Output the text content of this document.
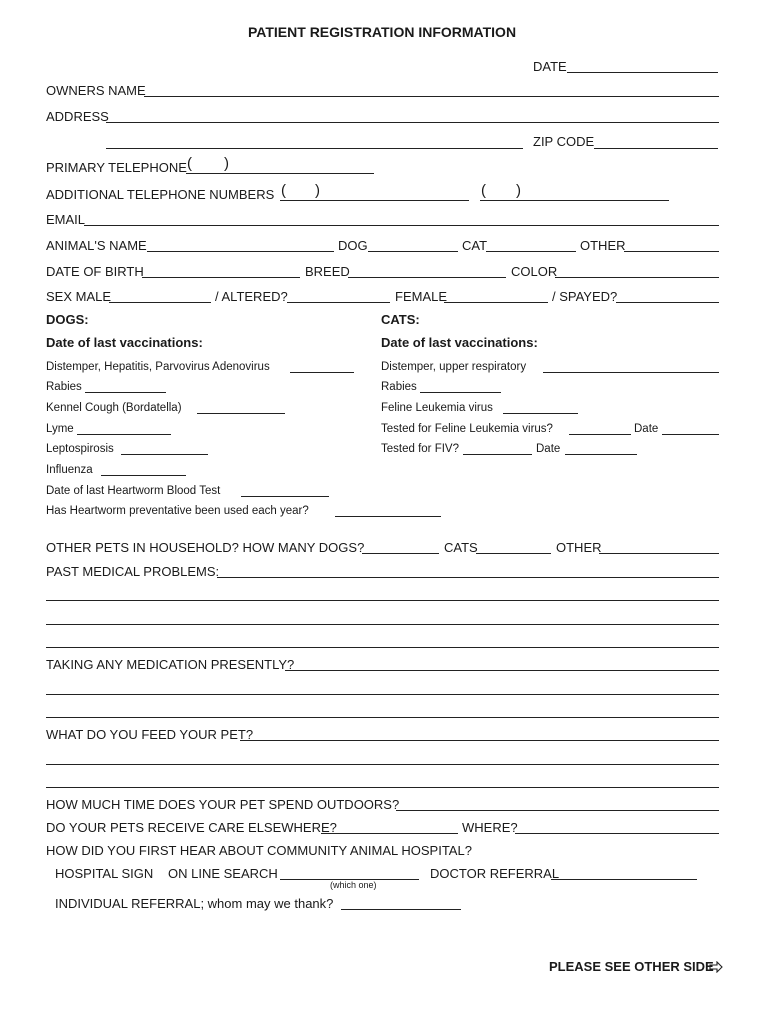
PATIENT REGISTRATION INFORMATION
DATE
OWNERS NAME
ADDRESS
ZIP CODE
PRIMARY TELEPHONE ( )
ADDITIONAL TELEPHONE NUMBERS ( )	( )
EMAIL
ANIMAL'S NAME	DOG	CAT	OTHER
DATE OF BIRTH	BREED	COLOR
SEX MALE	/ ALTERED?	FEMALE	/ SPAYED?
DOGS:	CATS:
Date of last vaccinations:	Date of last vaccinations:
Distemper, Hepatitis, Parvovirus Adenovirus
Rabies
Kennel Cough (Bordatella)
Lyme
Leptospirosis
Influenza
Date of last Heartworm Blood Test
Has Heartworm preventative been used each year?
Distemper, upper respiratory
Rabies
Feline Leukemia virus
Tested for Feline Leukemia virus?	Date
Tested for FIV?	Date
OTHER PETS IN HOUSEHOLD? HOW MANY DOGS?	CATS	OTHER
PAST MEDICAL PROBLEMS:
TAKING ANY MEDICATION PRESENTLY?
WHAT DO YOU FEED YOUR PET?
HOW MUCH TIME DOES YOUR PET SPEND OUTDOORS?
DO YOUR PETS RECEIVE CARE ELSEWHERE?	WHERE?
HOW DID YOU FIRST HEAR ABOUT COMMUNITY ANIMAL HOSPITAL?
HOSPITAL SIGN ON LINE SEARCH
(which one)
DOCTOR REFERRAL
INDIVIDUAL REFERRAL; whom may we thank?
PLEASE SEE OTHER SIDE
